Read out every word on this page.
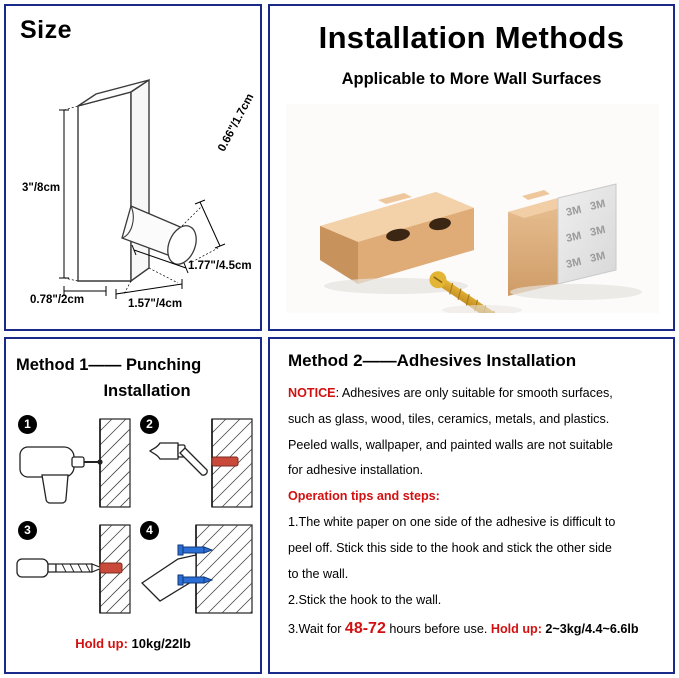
Size
3"/8cm
0.78"/2cm	1.57"/4cm
1.77"/4.5cm
0.66"/1.7cm
Installation Methods
Applicable to More Wall Surfaces
3M 3M
3M 3M
3M 3M
Method 1—— Punching
Installation
1	2
3	4
Hold up: 10kg/22lb
Method 2——Adhesives Installation

NOTICE: Adhesives are only suitable for smooth surfaces,

such as glass, wood, tiles, ceramics, metals, and plastics.

Peeled walls, wallpaper, and painted walls are not suitable

for adhesive installation.

Operation tips and steps:

1.The white paper on one side of the adhesive is difficult to

peel off. Stick this side to the hook and stick the other side

to the wall.

2.Stick the hook to the wall.

3.Wait for 48-72 hours before use. Hold up: 2~3kg/4.4~6.6lb
